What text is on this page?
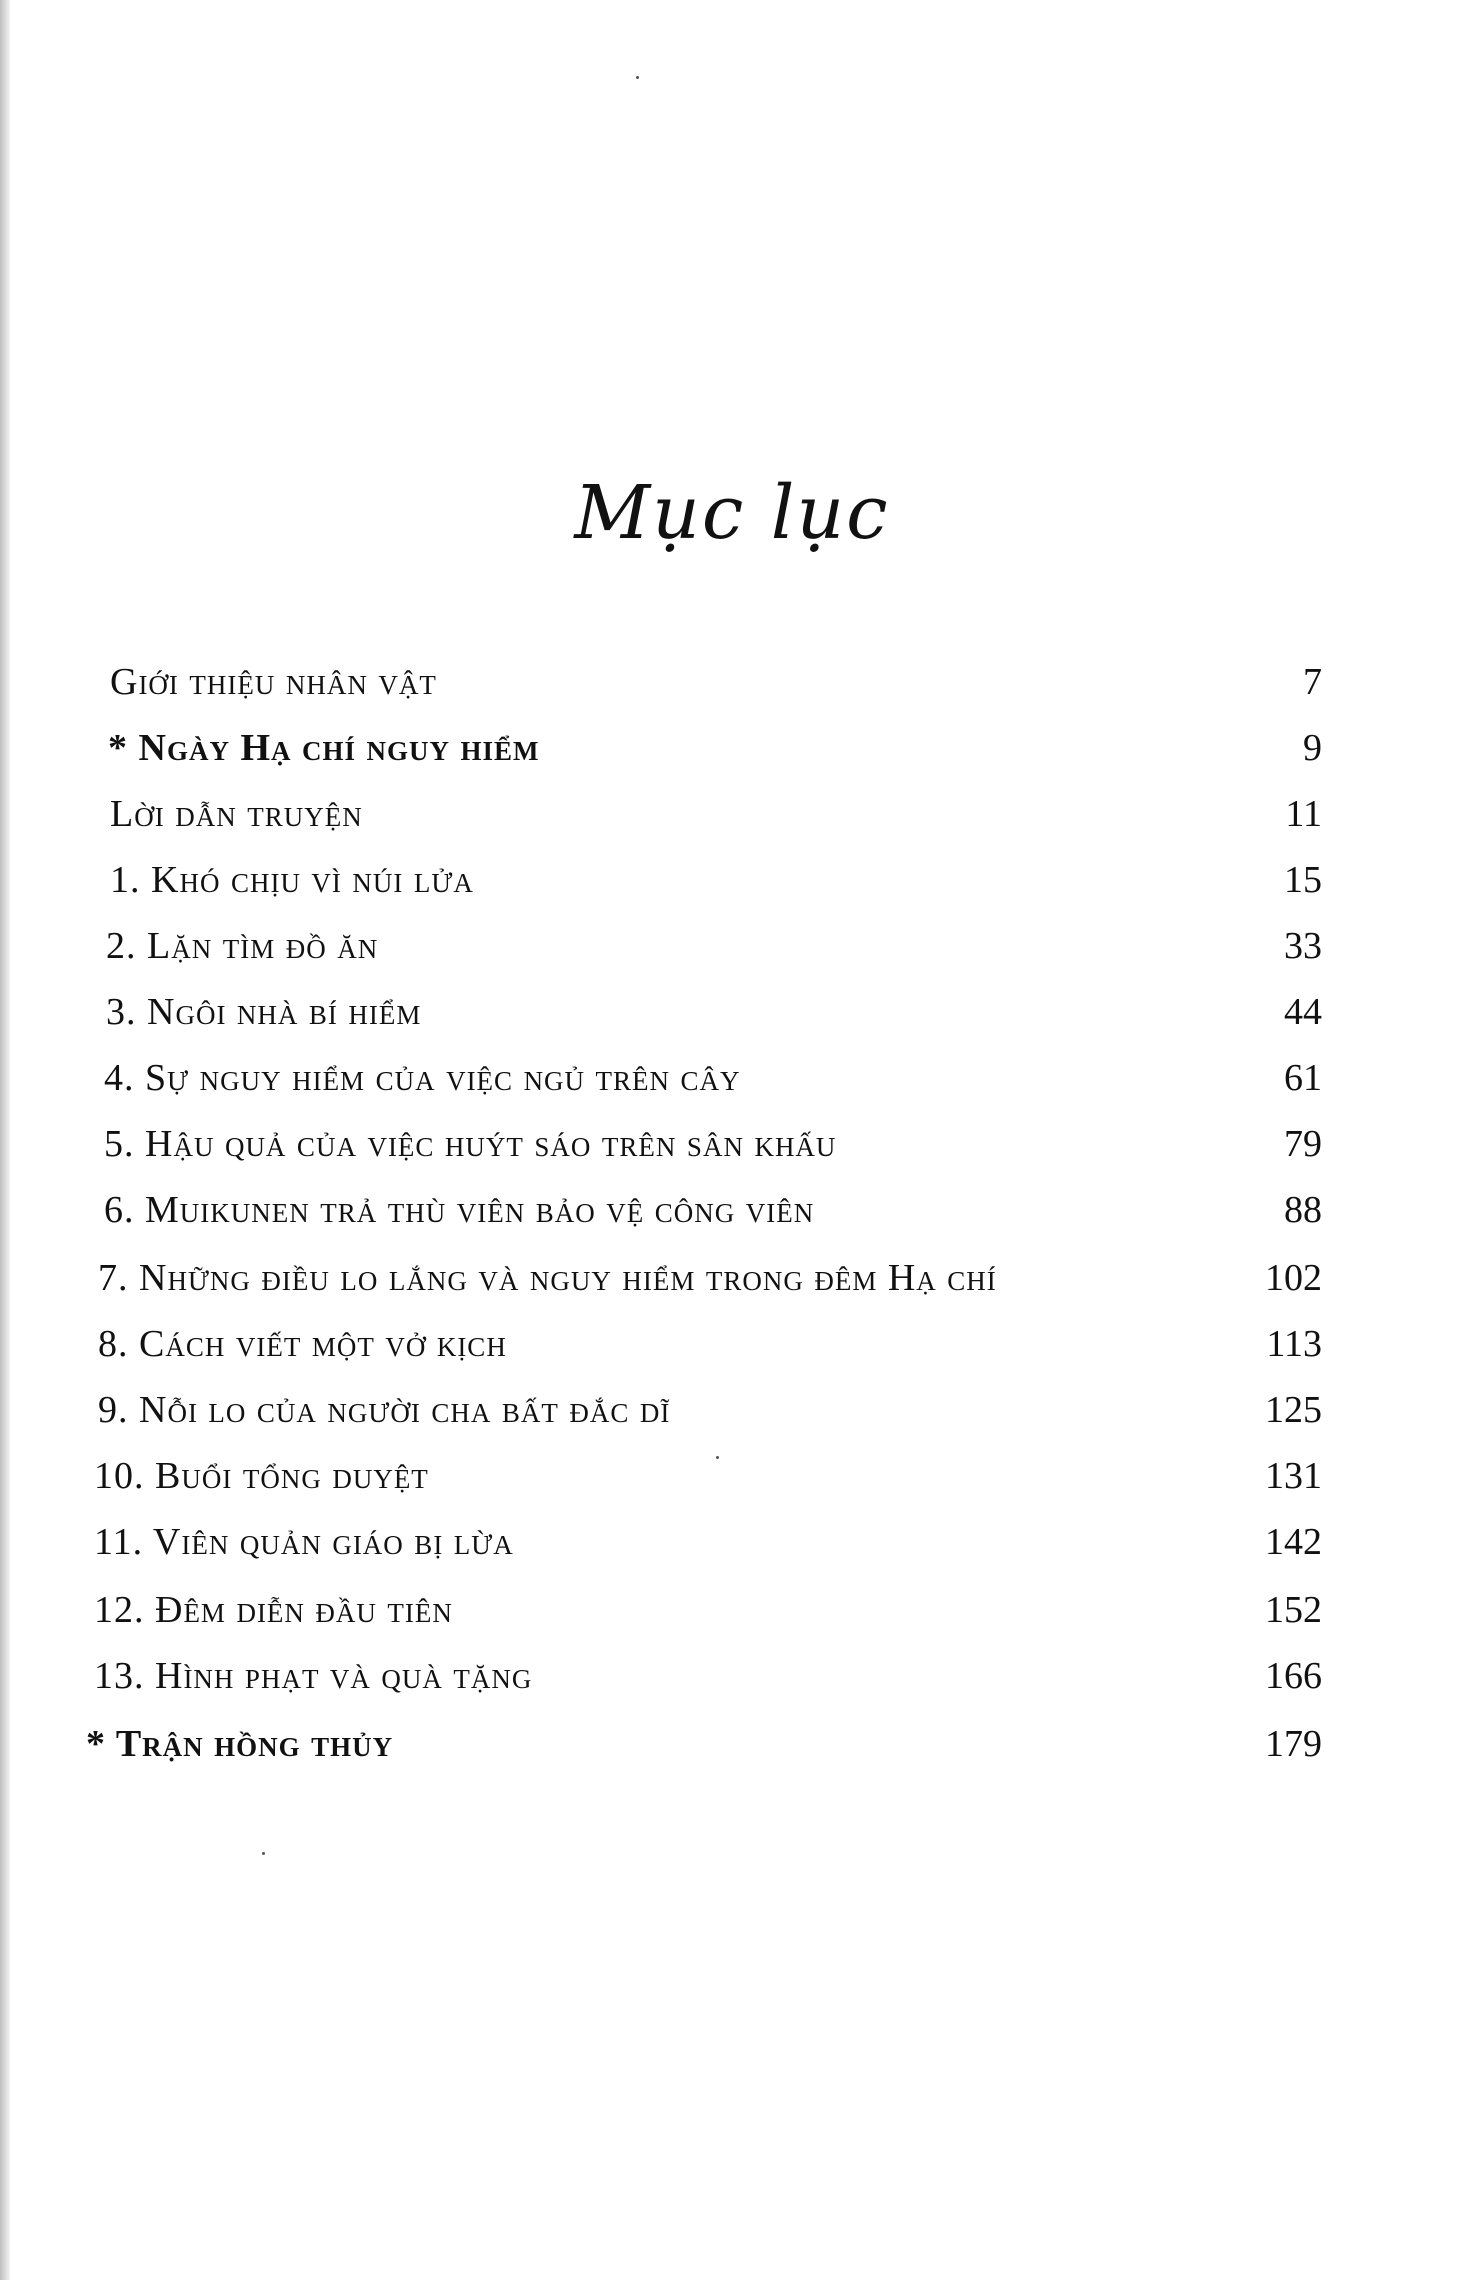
Mục lục
Giới thiệu nhân vật	7
* Ngày Hạ chí nguy hiểm	9
Lời dẫn truyện	11
1. Khó chịu vì núi lửa	15
2. Lặn tìm đồ ăn	33
3. Ngôi nhà bí hiểm	44
4. Sự nguy hiểm của việc ngủ trên cây	61
5. Hậu quả của việc huýt sáo trên sân khấu	79
6. Muikunen trả thù viên bảo vệ công viên	88
7. Những điều lo lắng và nguy hiểm trong đêm Hạ chí	102
8. Cách viết một vở kịch	113
9. Nỗi lo của người cha bất đắc dĩ	125
10. Buổi tổng duyệt	131
11. Viên quản giáo bị lừa	142
12. Đêm diễn đầu tiên	152
13. Hình phạt và quà tặng	166
* Trận hồng thủy	179
